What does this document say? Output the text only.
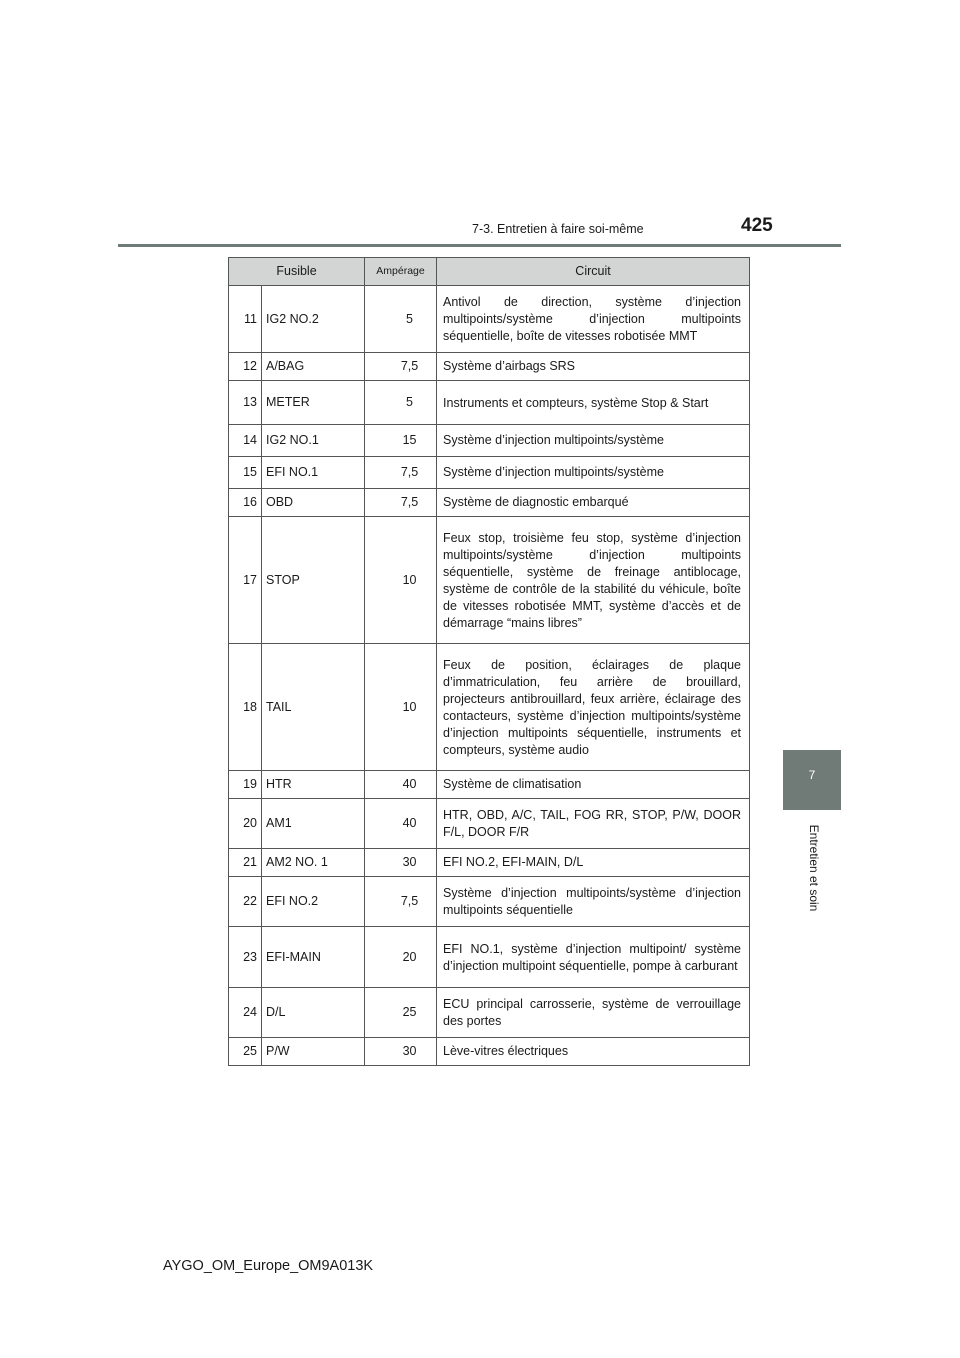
7-3. Entretien à faire soi-même	425
7
Entretien et soin
Fusible		Ampérage	Circuit
11	IG2 NO.2	5	Antivol de direction, système d’injection multipoints/système d’injection multipoints séquentielle, boîte de vitesses robotisée MMT
12	A/BAG	7,5	Système d’airbags SRS
13	METER	5	Instruments et compteurs, système Stop & Start
14	IG2 NO.1	15	Système d’injection multipoints/système
15	EFI NO.1	7,5	Système d’injection multipoints/système
16	OBD	7,5	Système de diagnostic embarqué
17	STOP	10	Feux stop, troisième feu stop, système d’injection multipoints/système d’injection multipoints séquentielle, système de freinage antiblocage, système de contrôle de la stabilité du véhicule, boîte de vitesses robotisée MMT, système d’accès et de démarrage “mains libres”
18	TAIL	10	Feux de position, éclairages de plaque d’immatriculation, feu arrière de brouillard, projecteurs antibrouillard, feux arrière, éclairage des contacteurs, système d’injection multipoints/système d’injection multipoints séquentielle, instruments et compteurs, système audio
19	HTR	40	Système de climatisation
20	AM1	40	HTR, OBD, A/C, TAIL, FOG RR, STOP, P/W, DOOR F/L, DOOR F/R
21	AM2 NO. 1	30	EFI NO.2, EFI-MAIN, D/L
22	EFI NO.2	7,5	Système d’injection multipoints/système d’injection multipoints séquentielle
23	EFI-MAIN	20	EFI NO.1, système d’injection multipoint/ système d’injection multipoint séquentielle, pompe à carburant
24	D/L	25	ECU principal carrosserie, système de verrouillage des portes
25	P/W	30	Lève-vitres électriques
AYGO_OM_Europe_OM9A013K
